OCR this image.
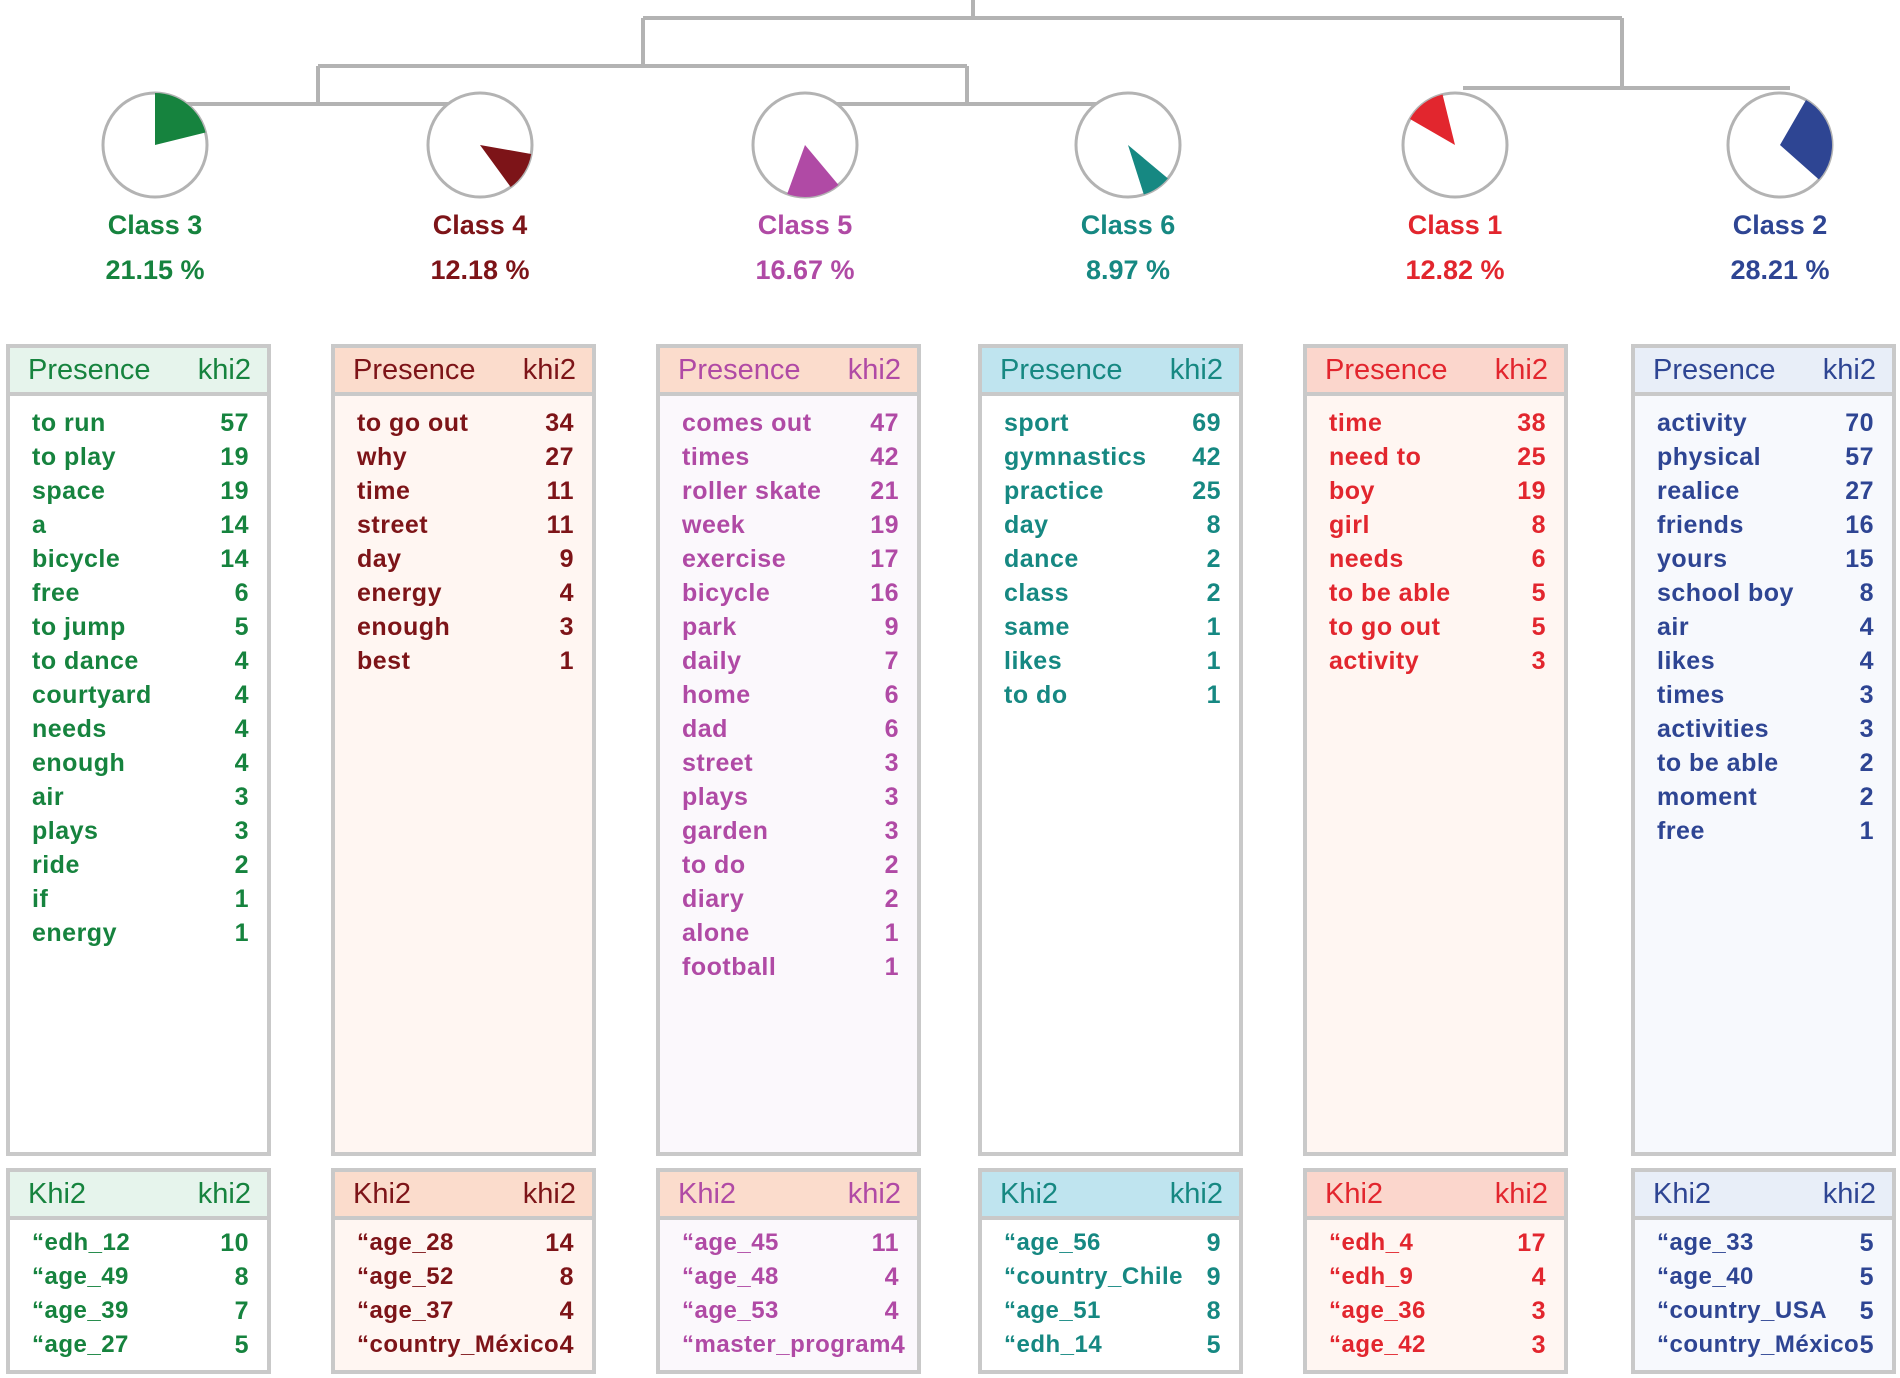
Class 3
21.15 %
Class 4
12.18 %
Class 5
16.67 %
Class 6
8.97 %
Class 1
12.82 %
Class 2
28.21 %
Presence khi2
to run	57
to play	19
space	19
a	14
bicycle	14
free	6
to jump	5
to dance	4
courtyard	4
needs	4
enough	4
air	3
plays	3
ride	2
if	1
energy	1
Khi2	khi2
“edh_12	10
“age_49	8
“age_39	7
“age_27	5
Presence khi2
to go out	34
why	27
time	11
street	11
day	9
energy	4
enough	3
best	1
Khi2	khi2
“age_28	14
“age_52	8
“age_37	4
“country_México 4
Presence khi2
comes out 47
times	42
roller skate 21
week	19
exercise	17
bicycle	16
park	9
daily	7
home	6
dad	6
street	3
plays	3
garden	3
to do	2
diary	2
alone	1
football	1
Khi2	khi2
“age_45	11
“age_48	4
“age_53	4
“master_program 4
Presence khi2
sport	69
gymnastics 42
practice	25
day	8
dance	2
class	2
same	1
likes	1
to do	1
Khi2	khi2
“age_56	9
“country_Chile 9
“age_51	8
“edh_14	5
Presence khi2
time	38
need to	25
boy	19
girl	8
needs	6
to be able	5
to go out	5
activity	3
Khi2	khi2
“edh_4	17
“edh_9	4
“age_36	3
“age_42	3
Presence khi2
activity	70
physical	57
realice	27
friends	16
yours	15
school boy	8
air	4
likes	4
times	3
activities	3
to be able	2
moment	2
free	1
Khi2	khi2
“age_33	5
“age_40	5
“country_USA 5
“country_México 5
